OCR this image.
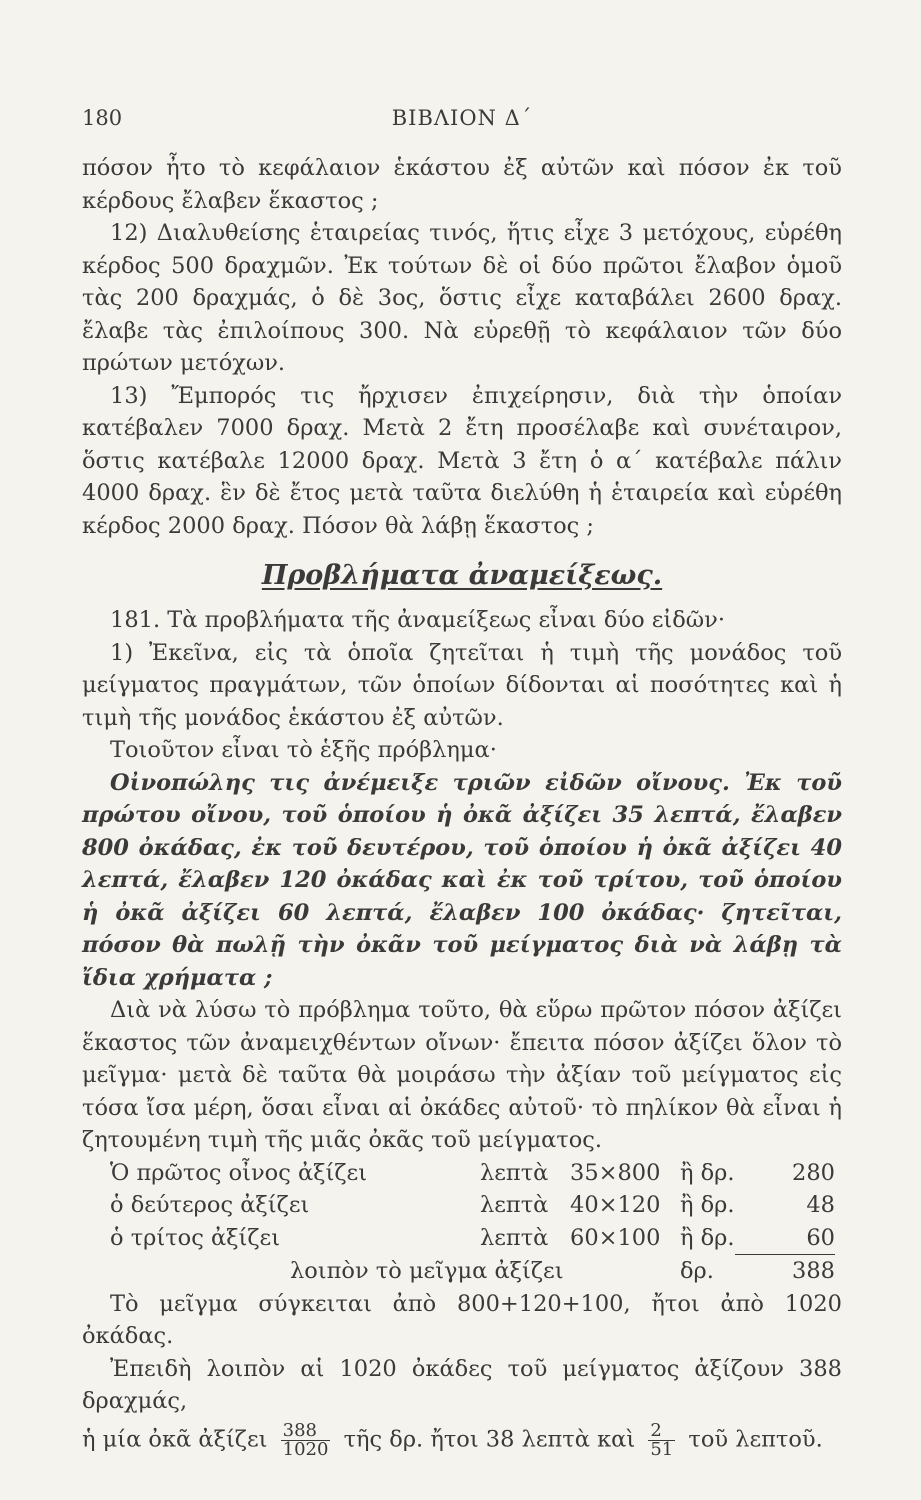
180	ΒΙΒΛΙΟΝ Δ΄

πόσον ἦτο τὸ κεφάλαιον ἑκάστου ἐξ αὐτῶν καὶ πόσον ἐκ τοῦ κέρδους ἔλαβεν ἕκαστος ;

12) Διαλυθείσης ἑταιρείας τινός, ἥτις εἶχε 3 μετόχους, εὑρέθη κέρδος 500 δραχμῶν. Ἐκ τούτων δὲ οἱ δύο πρῶτοι ἔλαβον ὁμοῦ τὰς 200 δραχμάς, ὁ δὲ 3ος, ὅστις εἶχε καταβάλει 2600 δραχ. ἔλαβε τὰς ἐπιλοίπους 300. Νὰ εὑρεθῇ τὸ κεφάλαιον τῶν δύο πρώτων μετόχων.

13) Ἔμπορός τις ἤρχισεν ἐπιχείρησιν, διὰ τὴν ὁποίαν κατέβαλεν 7000 δραχ. Μετὰ 2 ἔτη προσέλαβε καὶ συνέταιρον, ὅστις κατέβαλε 12000 δραχ. Μετὰ 3 ἔτη ὁ α΄ κατέβαλε πάλιν 4000 δραχ. ἓν δὲ ἔτος μετὰ ταῦτα διελύθη ἡ ἑταιρεία καὶ εὑρέθη κέρδος 2000 δραχ. Πόσον θὰ λάβῃ ἕκαστος ;

Προβλήματα ἀναμείξεως.

181. Τὰ προβλήματα τῆς ἀναμείξεως εἶναι δύο εἰδῶν·

1) Ἐκεῖνα, εἰς τὰ ὁποῖα ζητεῖται ἡ τιμὴ τῆς μονάδος τοῦ μείγματος πραγμάτων, τῶν ὁποίων δίδονται αἱ ποσότητες καὶ ἡ τιμὴ τῆς μονάδος ἑκάστου ἐξ αὐτῶν.

Τοιοῦτον εἶναι τὸ ἑξῆς πρόβλημα·

Οἰνοπώλης τις ἀνέμειξε τριῶν εἰδῶν οἴνους. Ἐκ τοῦ πρώτου οἴνου, τοῦ ὁποίου ἡ ὀκᾶ ἀξίζει 35 λεπτά, ἔλαβεν 800 ὀκάδας, ἐκ τοῦ δευτέρου, τοῦ ὁποίου ἡ ὀκᾶ ἀξίζει 40 λεπτά, ἔλαβεν 120 ὀκάδας καὶ ἐκ τοῦ τρίτου, τοῦ ὁποίου ἡ ὀκᾶ ἀξίζει 60 λεπτά, ἔλαβεν 100 ὀκάδας· ζητεῖται, πόσον θὰ πωλῇ τὴν ὀκᾶν τοῦ μείγματος διὰ νὰ λάβῃ τὰ ἴδια χρήματα ;

Διὰ νὰ λύσω τὸ πρόβλημα τοῦτο, θὰ εὕρω πρῶτον πόσον ἀξίζει ἕκαστος τῶν ἀναμειχθέντων οἴνων· ἔπειτα πόσον ἀξίζει ὅλον τὸ μεῖγμα· μετὰ δὲ ταῦτα θὰ μοιράσω τὴν ἀξίαν τοῦ μείγματος εἰς τόσα ἴσα μέρη, ὅσαι εἶναι αἱ ὀκάδες αὐτοῦ· τὸ πηλίκον θὰ εἶναι ἡ ζητουμένη τιμὴ τῆς μιᾶς ὀκᾶς τοῦ μείγματος.

Ὁ πρῶτος οἶνος ἀξίζει	λεπτὰ	35×800	ἢ δρ.	280
ὁ δεύτερος ἀξίζει	λεπτὰ	40×120	ἢ δρ.	48
ὁ τρίτος ἀξίζει	λεπτὰ	60×100	ἢ δρ.	60
λοιπὸν τὸ μεῖγμα ἀξίζει			δρ.	388

Τὸ μεῖγμα σύγκειται ἀπὸ 800+120+100, ἤτοι ἀπὸ 1020 ὀκάδας.

Ἐπειδὴ λοιπὸν αἱ 1020 ὀκάδες τοῦ μείγματος ἀξίζουν 388 δραχμάς,

ἡ μία ὀκᾶ ἀξίζει $\frac{388}{1020}$ τῆς δρ. ἤτοι 38 λεπτὰ καὶ $\frac{2}{51}$ τοῦ λεπτοῦ.
